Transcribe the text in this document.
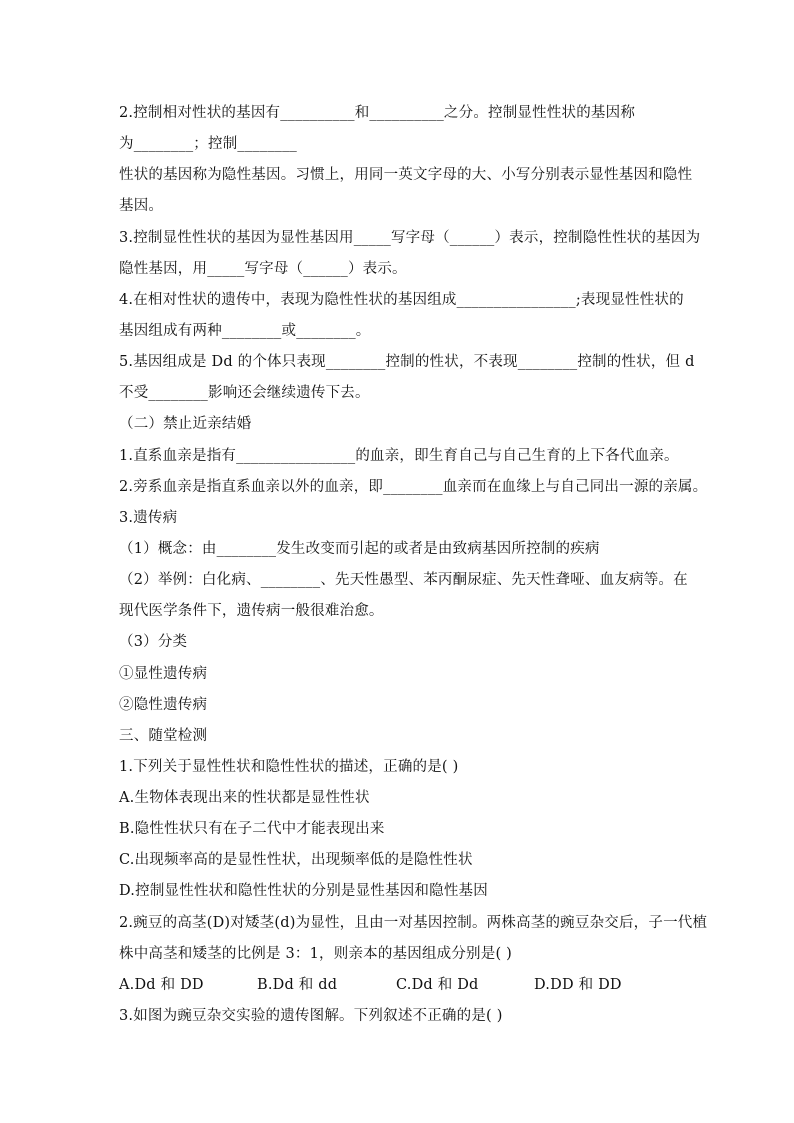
2.控制相对性状的基因有__________和__________之分。控制显性性状的基因称
为________；控制________
性状的基因称为隐性基因。习惯上，用同一英文字母的大、小写分别表示显性基因和隐性
基因。
3.控制显性性状的基因为显性基因用_____写字母（______）表示，控制隐性性状的基因为
隐性基因，用_____写字母（______）表示。
4.在相对性状的遗传中，表现为隐性性状的基因组成________________;表现显性性状的
基因组成有两种________或________。
5.基因组成是 Dd 的个体只表现________控制的性状，不表现________控制的性状，但 d
不受________影响还会继续遗传下去。
（二）禁止近亲结婚
1.直系血亲是指有________________的血亲，即生育自己与自己生育的上下各代血亲。
2.旁系血亲是指直系血亲以外的血亲，即________血亲而在血缘上与自己同出一源的亲属。
3.遗传病
（1）概念：由________发生改变而引起的或者是由致病基因所控制的疾病
（2）举例：白化病、________、先天性愚型、苯丙酮尿症、先天性聋哑、血友病等。在
现代医学条件下，遗传病一般很难治愈。
（3）分类
①显性遗传病
②隐性遗传病
三、随堂检测
1.下列关于显性性状和隐性性状的描述，正确的是( )
A.生物体表现出来的性状都是显性性状
B.隐性性状只有在子二代中才能表现出来
C.出现频率高的是显性性状，出现频率低的是隐性性状
D.控制显性性状和隐性性状的分别是显性基因和隐性基因
2.豌豆的高茎(D)对矮茎(d)为显性，且由一对基因控制。两株高茎的豌豆杂交后，子一代植
株中高茎和矮茎的比例是 3：1，则亲本的基因组成分别是( )
A.Dd 和 DD	B.Dd 和 dd	C.Dd 和 Dd	D.DD 和 DD
3.如图为豌豆杂交实验的遗传图解。下列叙述不正确的是( )
